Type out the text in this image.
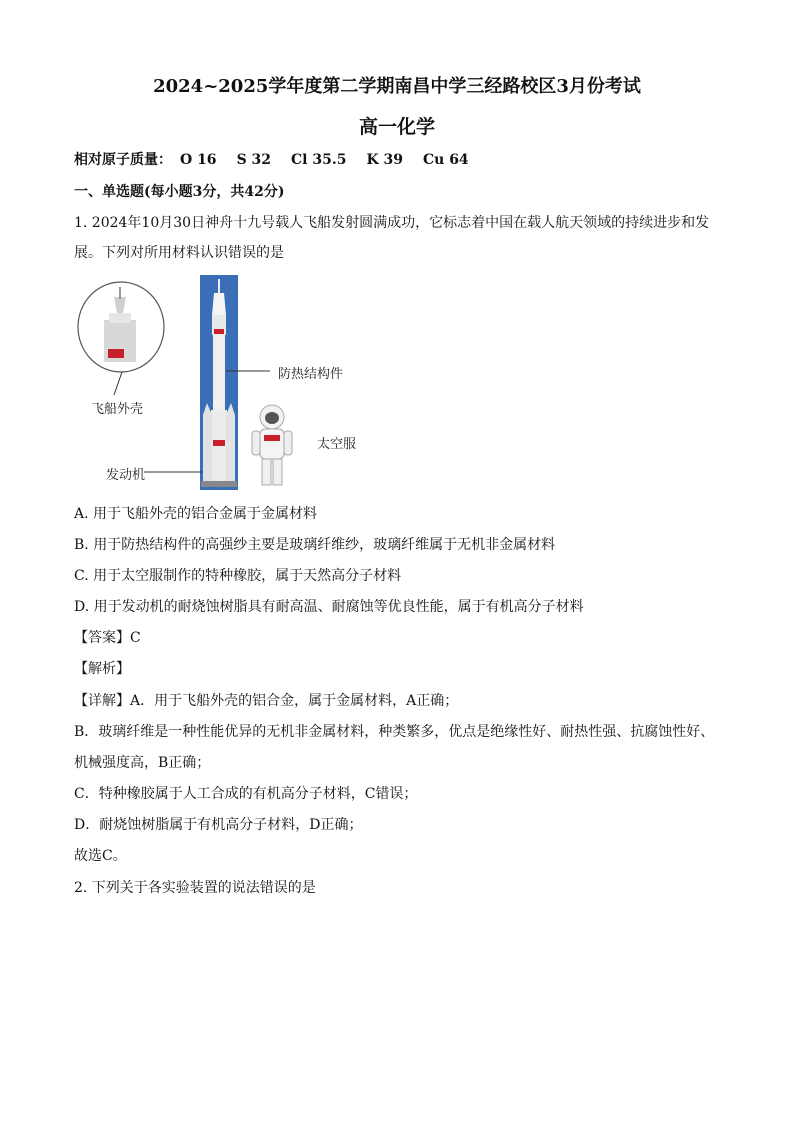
2024~2025学年度第二学期南昌中学三经路校区3月份考试
高一化学
相对原子质量： O 16 S 32 Cl 35.5 K 39 Cu 64
一、单选题(每小题3分，共42分)
1. 2024年10月30日神舟十九号载人飞船发射圆满成功，它标志着中国在载人航天领域的持续进步和发
展。下列对所用材料认识错误的是
飞船外壳
防热结构件
太空服
发动机
A. 用于飞船外壳的铝合金属于金属材料
B. 用于防热结构件的高强纱主要是玻璃纤维纱，玻璃纤维属于无机非金属材料
C. 用于太空服制作的特种橡胶，属于天然高分子材料
D. 用于发动机的耐烧蚀树脂具有耐高温、耐腐蚀等优良性能，属于有机高分子材料
【答案】C
【解析】
【详解】A．用于飞船外壳的铝合金，属于金属材料，A正确；
B．玻璃纤维是一种性能优异的无机非金属材料，种类繁多，优点是绝缘性好、耐热性强、抗腐蚀性好、
机械强度高，B正确；
C．特种橡胶属于人工合成的有机高分子材料，C错误；
D．耐烧蚀树脂属于有机高分子材料，D正确；
故选C。
2. 下列关于各实验装置的说法错误的是
